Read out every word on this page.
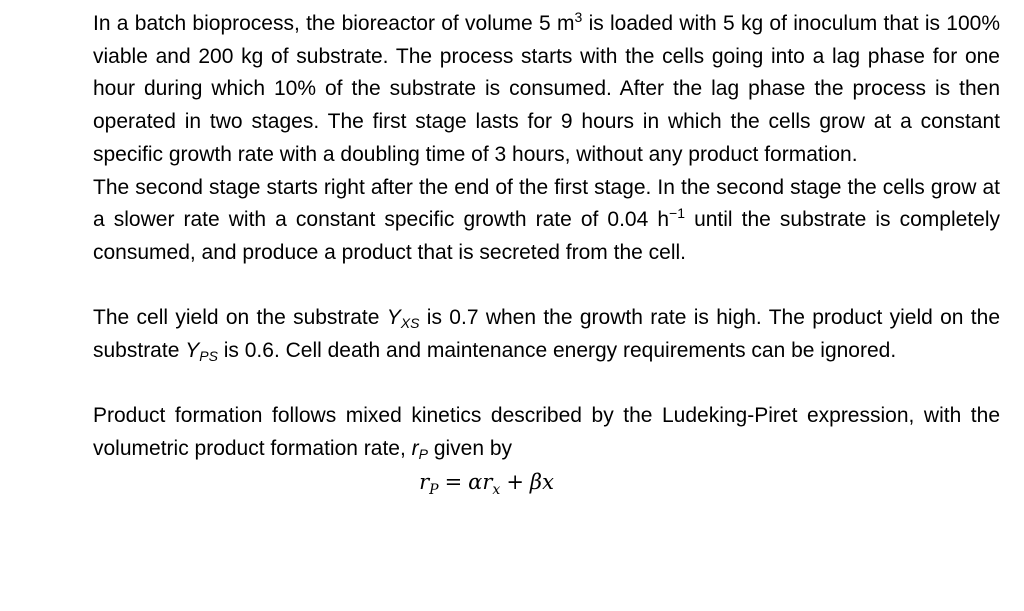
In a batch bioprocess, the bioreactor of volume 5 $m^3$ is loaded with 5 kg of inoculum that is 100% viable and 200 kg of substrate. The process starts with the cells going into a lag phase for one hour during which 10% of the substrate is consumed. After the lag phase the process is then operated in two stages. The first stage lasts for 9 hours in which the cells grow at a constant specific growth rate with a doubling time of 3 hours, without any product formation.

The second stage starts right after the end of the first stage. In the second stage the cells grow at a slower rate with a constant specific growth rate of 0.04 $h^{-1}$ until the substrate is completely consumed, and produce a product that is secreted from the cell.

The cell yield on the substrate $Y_{XS}$ is 0.7 when the growth rate is high. The product yield on the substrate $Y_{PS}$ is 0.6. Cell death and maintenance energy requirements can be ignored.

Product formation follows mixed kinetics described by the Ludeking-Piret expression, with the volumetric product formation rate, $r_P$ given by

$r_P = \alpha r_x + \beta x$
